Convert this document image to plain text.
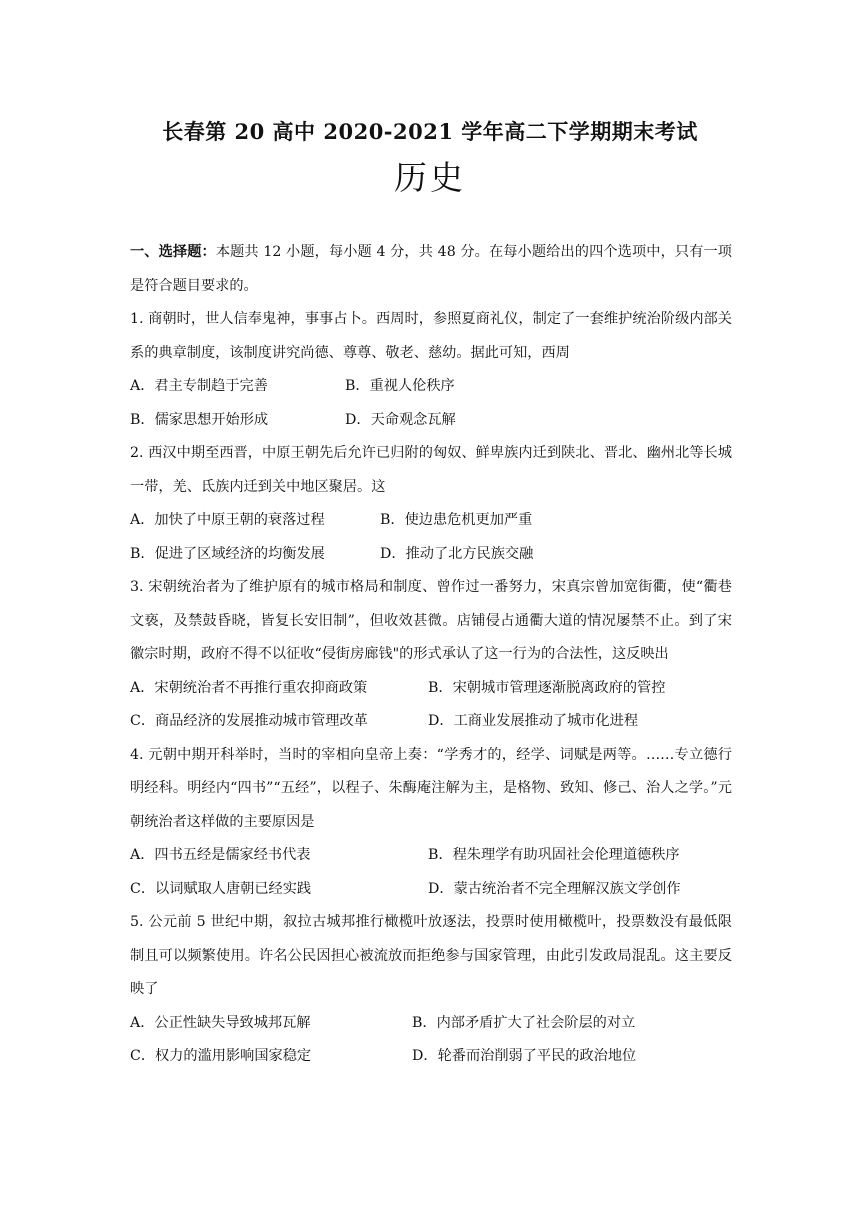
长春第 20 高中 2020-2021 学年高二下学期期末考试
历史

一、选择题：本题共 12 小题，每小题 4 分，共 48 分。在每小题给出的四个选项中，只有一项是符合题目要求的。

1. 商朝时，世人信奉鬼神，事事占卜。西周时，参照夏商礼仪，制定了一套维护统治阶级内部关系的典章制度，该制度讲究尚德、尊尊、敬老、慈幼。据此可知，西周

A．君主专制趋于完善	B．重视人伦秩序
B．儒家思想开始形成	D．天命观念瓦解

2. 西汉中期至西晋，中原王朝先后允许已归附的匈奴、鲜卑族内迁到陕北、晋北、幽州北等长城一带，羌、氐族内迁到关中地区聚居。这

A．加快了中原王朝的衰落过程	B．使边患危机更加严重
B．促进了区域经济的均衡发展	D．推动了北方民族交融

3. 宋朝统治者为了维护原有的城市格局和制度、曾作过一番努力，宋真宗曾加宽街衢，使“衢巷文亵，及禁鼓昏晓，皆复长安旧制”，但收效甚微。店铺侵占通衢大道的情况屡禁不止。到了宋徽宗时期，政府不得不以征收“侵街房廊钱"的形式承认了这一行为的合法性，这反映出

A．宋朝统治者不再推行重农抑商政策	B．宋朝城市管理逐渐脱离政府的管控
C．商品经济的发展推动城市管理改革	D．工商业发展推动了城市化进程

4. 元朝中期开科举时，当时的宰相向皇帝上奏：“学秀才的，经学、词赋是两等。……专立德行明经科。明经内“四书”“五经”，以程子、朱酶庵注解为主，是格物、致知、修己、治人之学。”元朝统治者这样做的主要原因是

A．四书五经是儒家经书代表	B．程朱理学有助巩固社会伦理道德秩序
C．以词赋取人唐朝已经实践	D．蒙古统治者不完全理解汉族文学创作

5. 公元前 5 世纪中期，叙拉古城邦推行橄榄叶放逐法，投票时使用橄榄叶，投票数没有最低限制且可以频繁使用。许名公民因担心被流放而拒绝参与国家管理，由此引发政局混乱。这主要反映了

A．公正性缺失导致城邦瓦解	B．内部矛盾扩大了社会阶层的对立
C．权力的滥用影响国家稳定	D．轮番而治削弱了平民的政治地位
